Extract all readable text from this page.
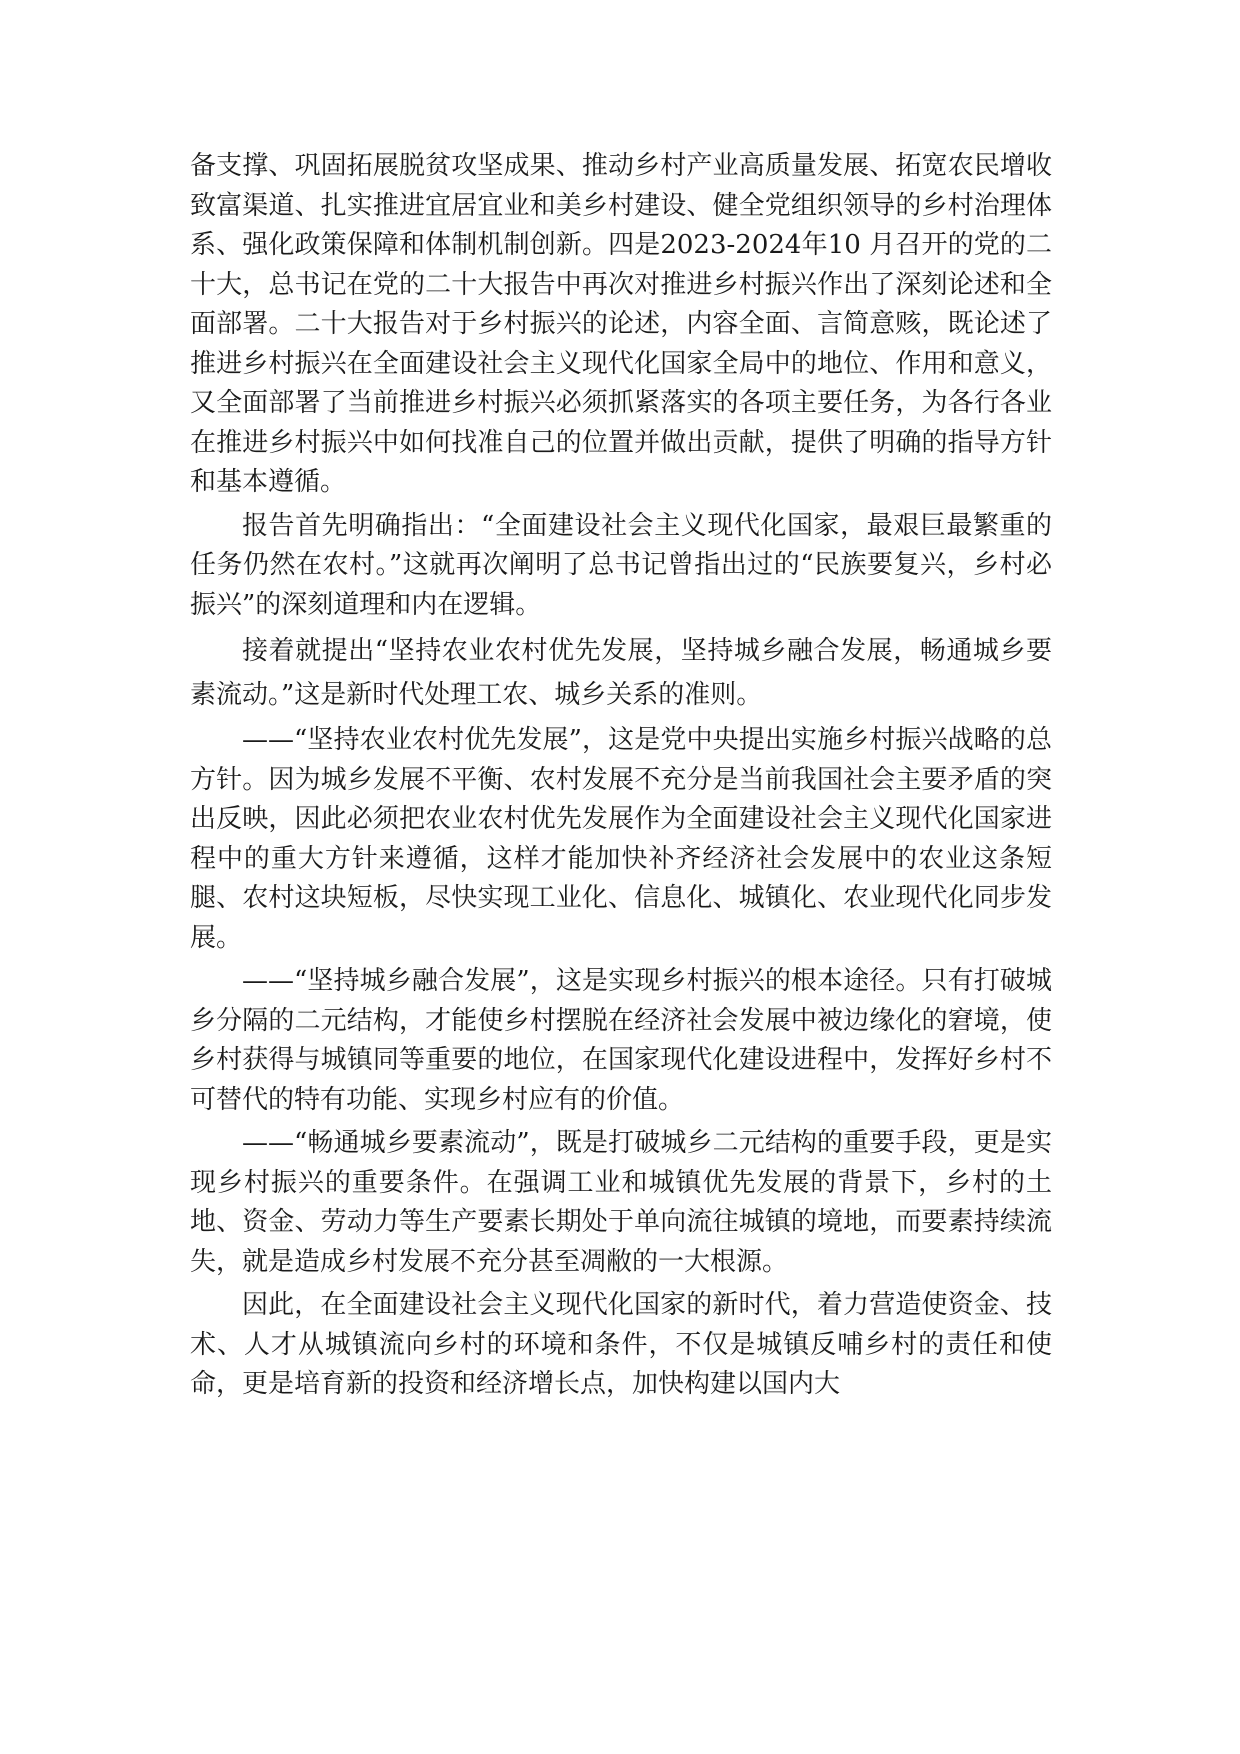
备支撑、巩固拓展脱贫攻坚成果、推动乡村产业高质量发展、拓宽农民增收致富渠道、扎实推进宜居宜业和美乡村建设、健全党组织领导的乡村治理体系、强化政策保障和体制机制创新。四是2023-2024年10 月召开的党的二十大，总书记在党的二十大报告中再次对推进乡村振兴作出了深刻论述和全面部署。二十大报告对于乡村振兴的论述，内容全面、言简意赅，既论述了推进乡村振兴在全面建设社会主义现代化国家全局中的地位、作用和意义，又全面部署了当前推进乡村振兴必须抓紧落实的各项主要任务，为各行各业在推进乡村振兴中如何找准自己的位置并做出贡献，提供了明确的指导方针和基本遵循。

报告首先明确指出：“全面建设社会主义现代化国家，最艰巨最繁重的任务仍然在农村。”这就再次阐明了总书记曾指出过的“民族要复兴，乡村必振兴”的深刻道理和内在逻辑。

接着就提出“坚持农业农村优先发展，坚持城乡融合发展，畅通城乡要素流动。”这是新时代处理工农、城乡关系的准则。

——“坚持农业农村优先发展”，这是党中央提出实施乡村振兴战略的总方针。因为城乡发展不平衡、农村发展不充分是当前我国社会主要矛盾的突出反映，因此必须把农业农村优先发展作为全面建设社会主义现代化国家进程中的重大方针来遵循，这样才能加快补齐经济社会发展中的农业这条短腿、农村这块短板，尽快实现工业化、信息化、城镇化、农业现代化同步发展。

——“坚持城乡融合发展”，这是实现乡村振兴的根本途径。只有打破城乡分隔的二元结构，才能使乡村摆脱在经济社会发展中被边缘化的窘境，使乡村获得与城镇同等重要的地位，在国家现代化建设进程中，发挥好乡村不可替代的特有功能、实现乡村应有的价值。

——“畅通城乡要素流动”，既是打破城乡二元结构的重要手段，更是实现乡村振兴的重要条件。在强调工业和城镇优先发展的背景下，乡村的土地、资金、劳动力等生产要素长期处于单向流往城镇的境地，而要素持续流失，就是造成乡村发展不充分甚至凋敝的一大根源。

因此，在全面建设社会主义现代化国家的新时代，着力营造使资金、技术、人才从城镇流向乡村的环境和条件，不仅是城镇反哺乡村的责任和使命，更是培育新的投资和经济增长点，加快构建以国内大
